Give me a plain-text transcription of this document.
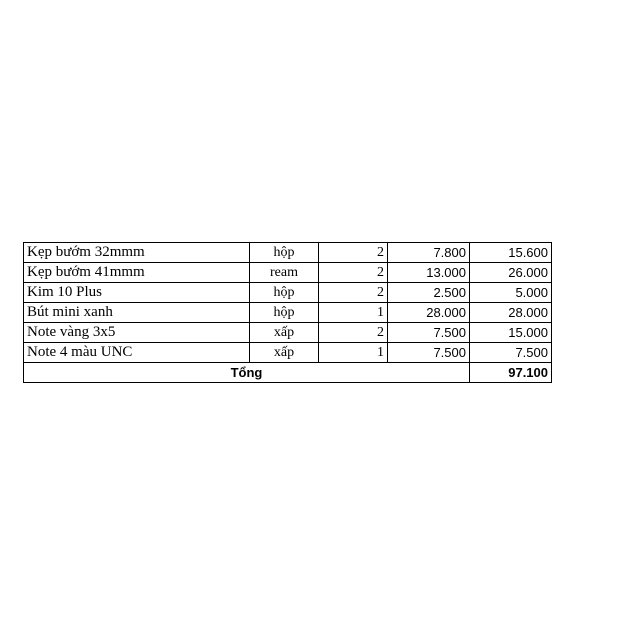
Kẹp bướm 32mmm	hộp	2	7.800	15.600
Kẹp bướm 41mmm	ream	2	13.000	26.000
Kim 10 Plus	hộp	2	2.500	5.000
Bút mini xanh	hộp	1	28.000	28.000
Note vàng 3x5	xấp	2	7.500	15.000
Note 4 màu UNC	xấp	1	7.500	7.500
Tổng				97.100
